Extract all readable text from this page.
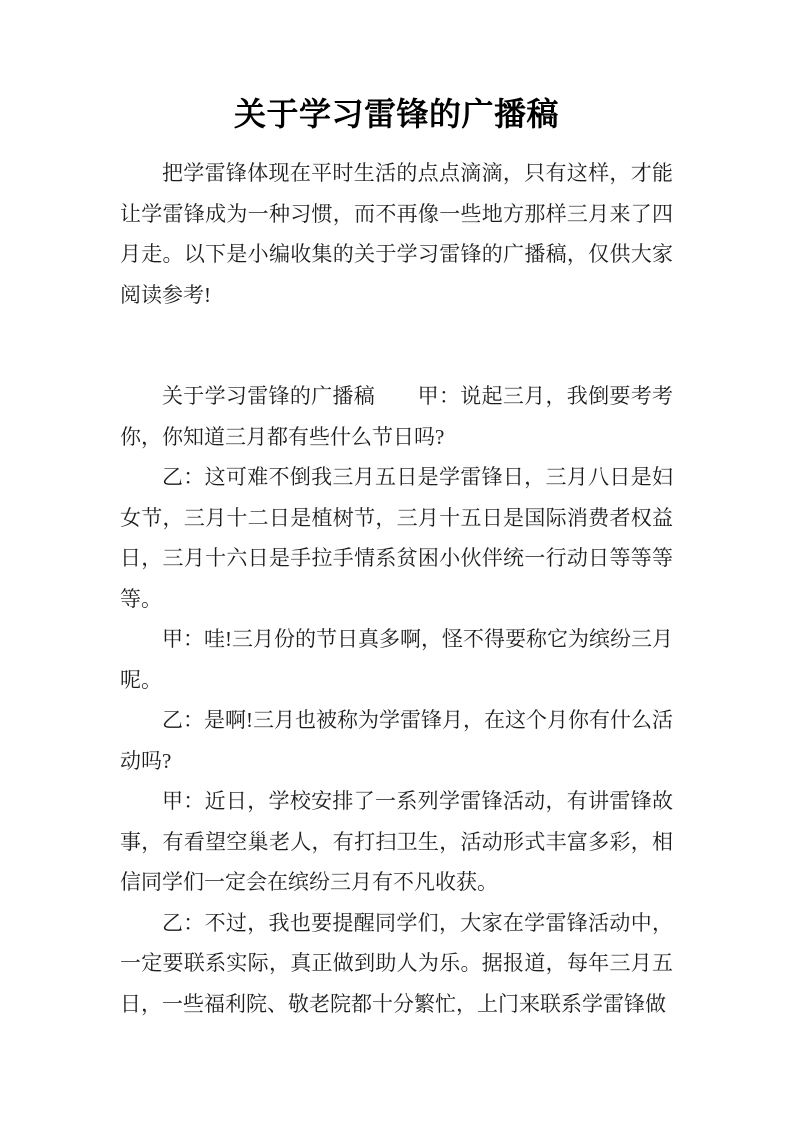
关于学习雷锋的广播稿

把学雷锋体现在平时生活的点点滴滴，只有这样，才能让学雷锋成为一种习惯，而不再像一些地方那样三月来了四月走。以下是小编收集的关于学习雷锋的广播稿，仅供大家阅读参考!

关于学习雷锋的广播稿　　甲：说起三月，我倒要考考你，你知道三月都有些什么节日吗?

乙：这可难不倒我三月五日是学雷锋日，三月八日是妇女节，三月十二日是植树节，三月十五日是国际消费者权益日，三月十六日是手拉手情系贫困小伙伴统一行动日等等等等。

甲：哇!三月份的节日真多啊，怪不得要称它为缤纷三月呢。

乙：是啊!三月也被称为学雷锋月，在这个月你有什么活动吗?

甲：近日，学校安排了一系列学雷锋活动，有讲雷锋故事，有看望空巢老人，有打扫卫生，活动形式丰富多彩，相信同学们一定会在缤纷三月有不凡收获。

乙：不过，我也要提醒同学们，大家在学雷锋活动中，一定要联系实际，真正做到助人为乐。据报道，每年三月五日，一些福利院、敬老院都十分繁忙，上门来联系学雷锋做
